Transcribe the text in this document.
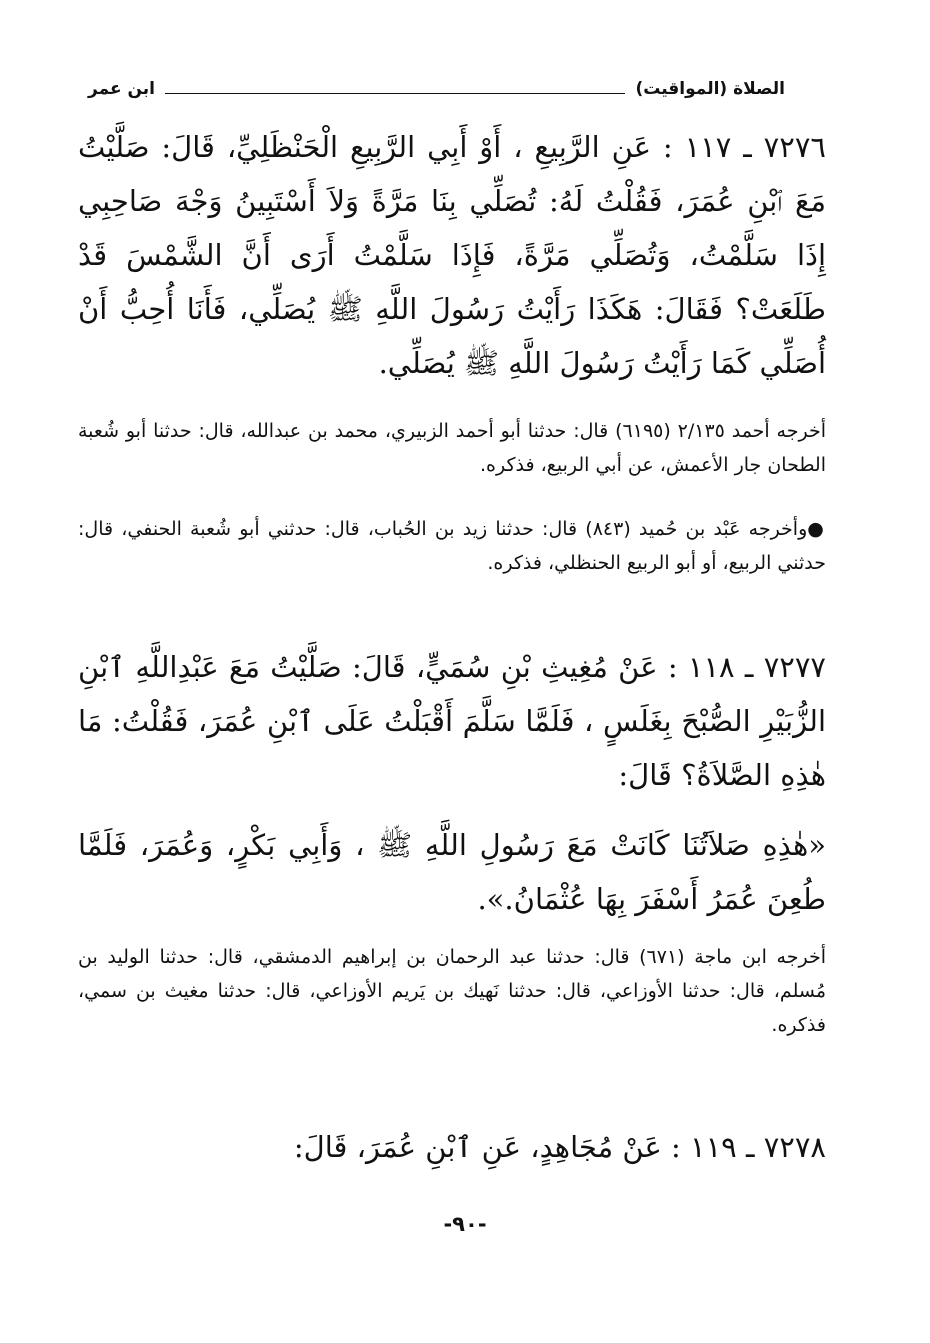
الصلاة (المواقيت)
ابن عمر
٧٢٧٦ ـ ١١٧ : عَنِ الرَّبِيعِ ، أَوْ أَبِي الرَّبِيعِ الْحَنْظَلِيِّ، قَالَ: صَلَّيْتُ مَعَ ٱبْنِ عُمَرَ، فَقُلْتُ لَهُ: تُصَلِّي بِنَا مَرَّةً وَلاَ أَسْتَبِينُ وَجْهَ صَاحِبِي إِذَا سَلَّمْتُ، وَتُصَلِّي مَرَّةً، فَإِذَا سَلَّمْتُ أَرَى أَنَّ الشَّمْسَ قَدْ طَلَعَتْ؟ فَقَالَ: هَكَذَا رَأَيْتُ رَسُولَ اللَّهِ ﷺ يُصَلِّي، فَأَنَا أُحِبُّ أَنْ أُصَلِّي كَمَا رَأَيْتُ رَسُولَ اللَّهِ ﷺ يُصَلِّي.
أخرجه أحمد ٢/١٣٥ (٦١٩٥) قال: حدثنا أبو أحمد الزبيري، محمد بن عبدالله، قال: حدثنا أبو شُعبة الطحان جار الأعمش، عن أبي الربيع، فذكره.
●وأخرجه عَبْد بن حُميد (٨٤٣) قال: حدثنا زيد بن الحُباب، قال: حدثني أبو شُعبة الحنفي، قال: حدثني الربيع، أو أبو الربيع الحنظلي، فذكره.
٧٢٧٧ ـ ١١٨ : عَنْ مُغِيثِ بْنِ سُمَيٍّ، قَالَ: صَلَّيْتُ مَعَ عَبْدِاللَّهِ ٱبْنِ الزُّبَيْرِ الصُّبْحَ بِغَلَسٍ ، فَلَمَّا سَلَّمَ أَقْبَلْتُ عَلَى ٱبْنِ عُمَرَ، فَقُلْتُ: مَا هٰذِهِ الصَّلاَةُ؟ قَالَ:
«هٰذِهِ صَلاَتُنَا كَانَتْ مَعَ رَسُولِ اللَّهِ ﷺ ، وَأَبِي بَكْرٍ، وَعُمَرَ، فَلَمَّا طُعِنَ عُمَرُ أَسْفَرَ بِهَا عُثْمَانُ.».
أخرجه ابن ماجة (٦٧١) قال: حدثنا عبد الرحمان بن إبراهيم الدمشقي، قال: حدثنا الوليد بن مُسلم، قال: حدثنا الأوزاعي، قال: حدثنا نَهيك بن يَريم الأوزاعي، قال: حدثنا مغيث بن سمي، فذكره.
٧٢٧٨ ـ ١١٩ : عَنْ مُجَاهِدٍ، عَنِ ٱبْنِ عُمَرَ، قَالَ:
-٩٠-
